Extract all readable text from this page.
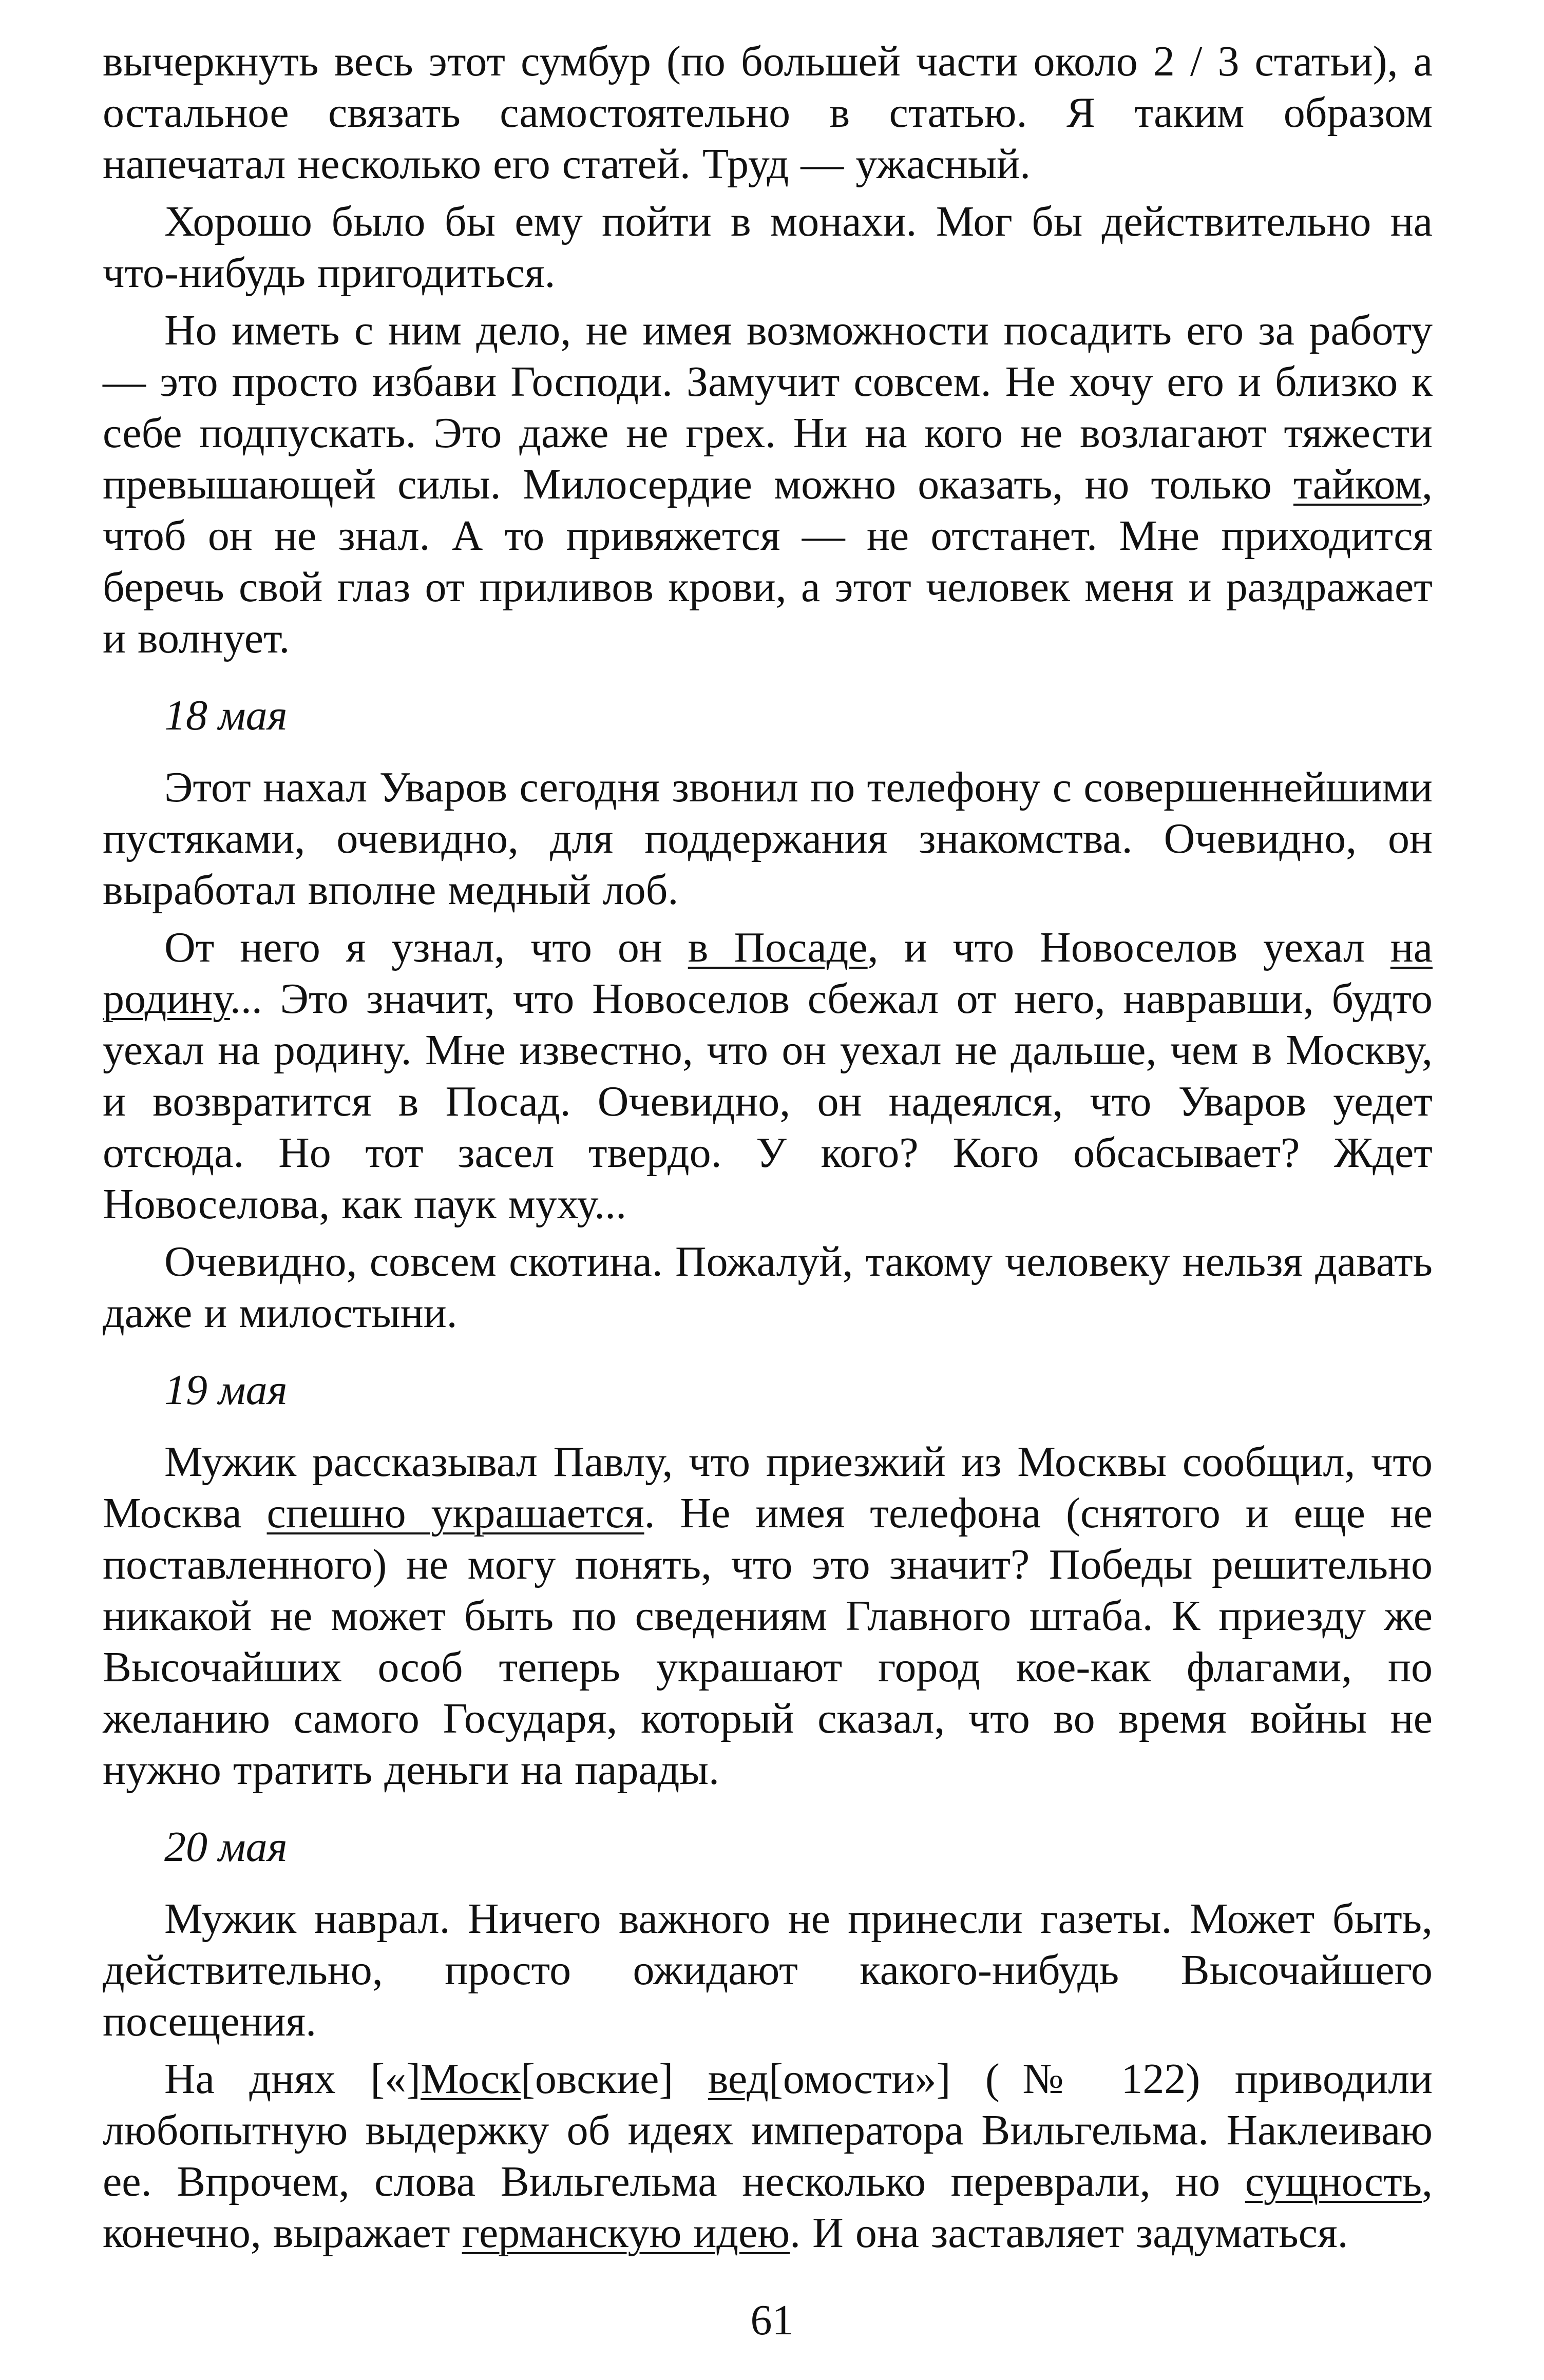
вычеркнуть весь этот сумбур (по большей части около 2 / 3 статьи), а остальное связать самостоятельно в статью. Я таким образом напечатал несколько его статей. Труд — ужасный.

Хорошо было бы ему пойти в монахи. Мог бы действительно на что-нибудь пригодиться.

Но иметь с ним дело, не имея возможности посадить его за работу — это просто избави Господи. Замучит совсем. Не хочу его и близко к себе подпускать. Это даже не грех. Ни на кого не возлагают тяжести превышающей силы. Милосердие можно оказать, но только тайком, чтоб он не знал. А то привяжется — не отстанет. Мне приходится беречь свой глаз от приливов крови, а этот человек меня и раздражает и волнует.

18 мая

Этот нахал Уваров сегодня звонил по телефону с совершеннейшими пустяками, очевидно, для поддержания знакомства. Очевидно, он выработал вполне медный лоб.

От него я узнал, что он в Посаде, и что Новоселов уехал на родину... Это значит, что Новоселов сбежал от него, навравши, будто уехал на родину. Мне известно, что он уехал не дальше, чем в Москву, и возвратится в Посад. Очевидно, он надеялся, что Уваров уедет отсюда. Но тот засел твердо. У кого? Кого обсасывает? Ждет Новоселова, как паук муху...

Очевидно, совсем скотина. Пожалуй, такому человеку нельзя давать даже и милостыни.

19 мая

Мужик рассказывал Павлу, что приезжий из Москвы сообщил, что Москва спешно украшается. Не имея телефона (снятого и еще не поставленного) не могу понять, что это значит? Победы решительно никакой не может быть по сведениям Главного штаба. К приезду же Высочайших особ теперь украшают город кое-как флагами, по желанию самого Государя, который сказал, что во время войны не нужно тратить деньги на парады.

20 мая

Мужик наврал. Ничего важного не принесли газеты. Может быть, действительно, просто ожидают какого-нибудь Высочайшего посещения.

На днях [«]Моск[овские] вед[омости»] (№ 122) приводили любопытную выдержку об идеях императора Вильгельма. Наклеиваю ее. Впрочем, слова Вильгельма несколько переврали, но сущность, конечно, выражает германскую идею. И она заставляет задуматься.

61
